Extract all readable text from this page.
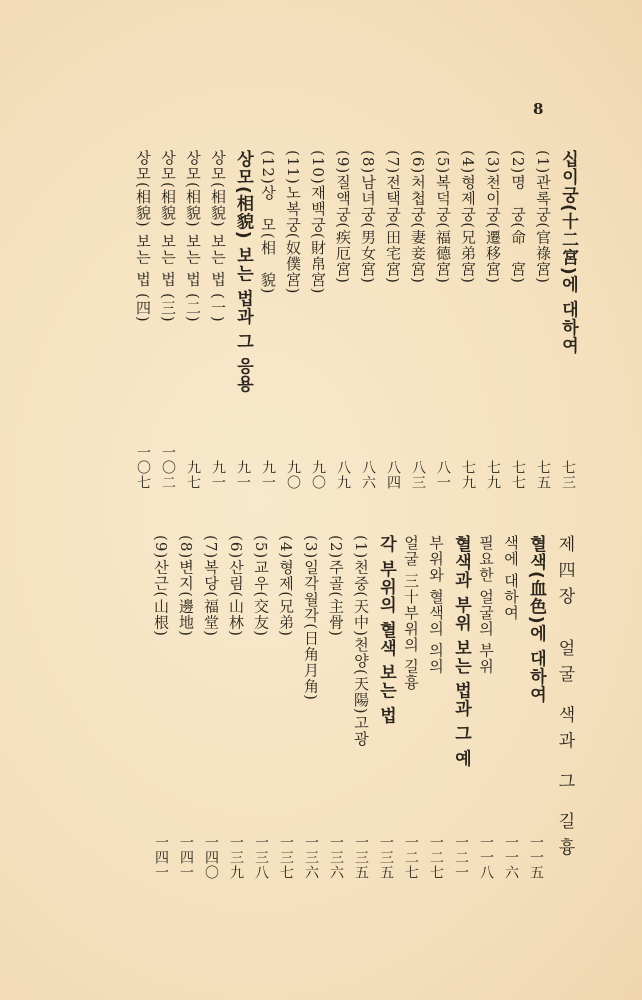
8
십이궁(十二宮)에 대하여
七三
(1)관록궁(官祿宮)
七五
(2)명　궁(命　宮)
七七
(3)천이궁(遷移宮)
七九
(4)형제궁(兄弟宮)
七九
(5)복덕궁(福德宮)
八一
(6)처첩궁(妻妾宮)
八三
(7)전택궁(田宅宮)
八四
(8)남녀궁(男女宮)
八六
(9)질액궁(疾厄宮)
八九
(10)재백궁(財帛宮)
九〇
(11)노복궁(奴僕宮)
九〇
(12)상　모(相　貌)
九一
상모(相貌) 보는 법과 그 응용
九一
상모(相貌) 보는 법 (一)
九一
상모(相貌) 보는 법 (二)
九七
상모(相貌) 보는 법 (三)
一〇二
상모(相貌) 보는 법 (四)
一〇七
제四장　얼굴 색과 그 길흉
혈색(血色)에 대하여
一一五
색에 대하여
一一六
필요한 얼굴의 부위
一一八
혈색과 부위 보는 법과 그 예
一二一
부위와 혈색의 의의
一二七
얼굴 三十부위의 길흉
一二七
각 부위의 혈색 보는 법
一三五
(1)천중(天中)천양(天陽)고광
一三五
(2)주골(主骨)
一三六
(3)일각월각(日角月角)
一三六
(4)형제(兄弟)
一三七
(5)교우(交友)
一三八
(6)산림(山林)
一三九
(7)복당(福堂)
一四〇
(8)변지(邊地)
一四一
(9)산근(山根)
一四一
